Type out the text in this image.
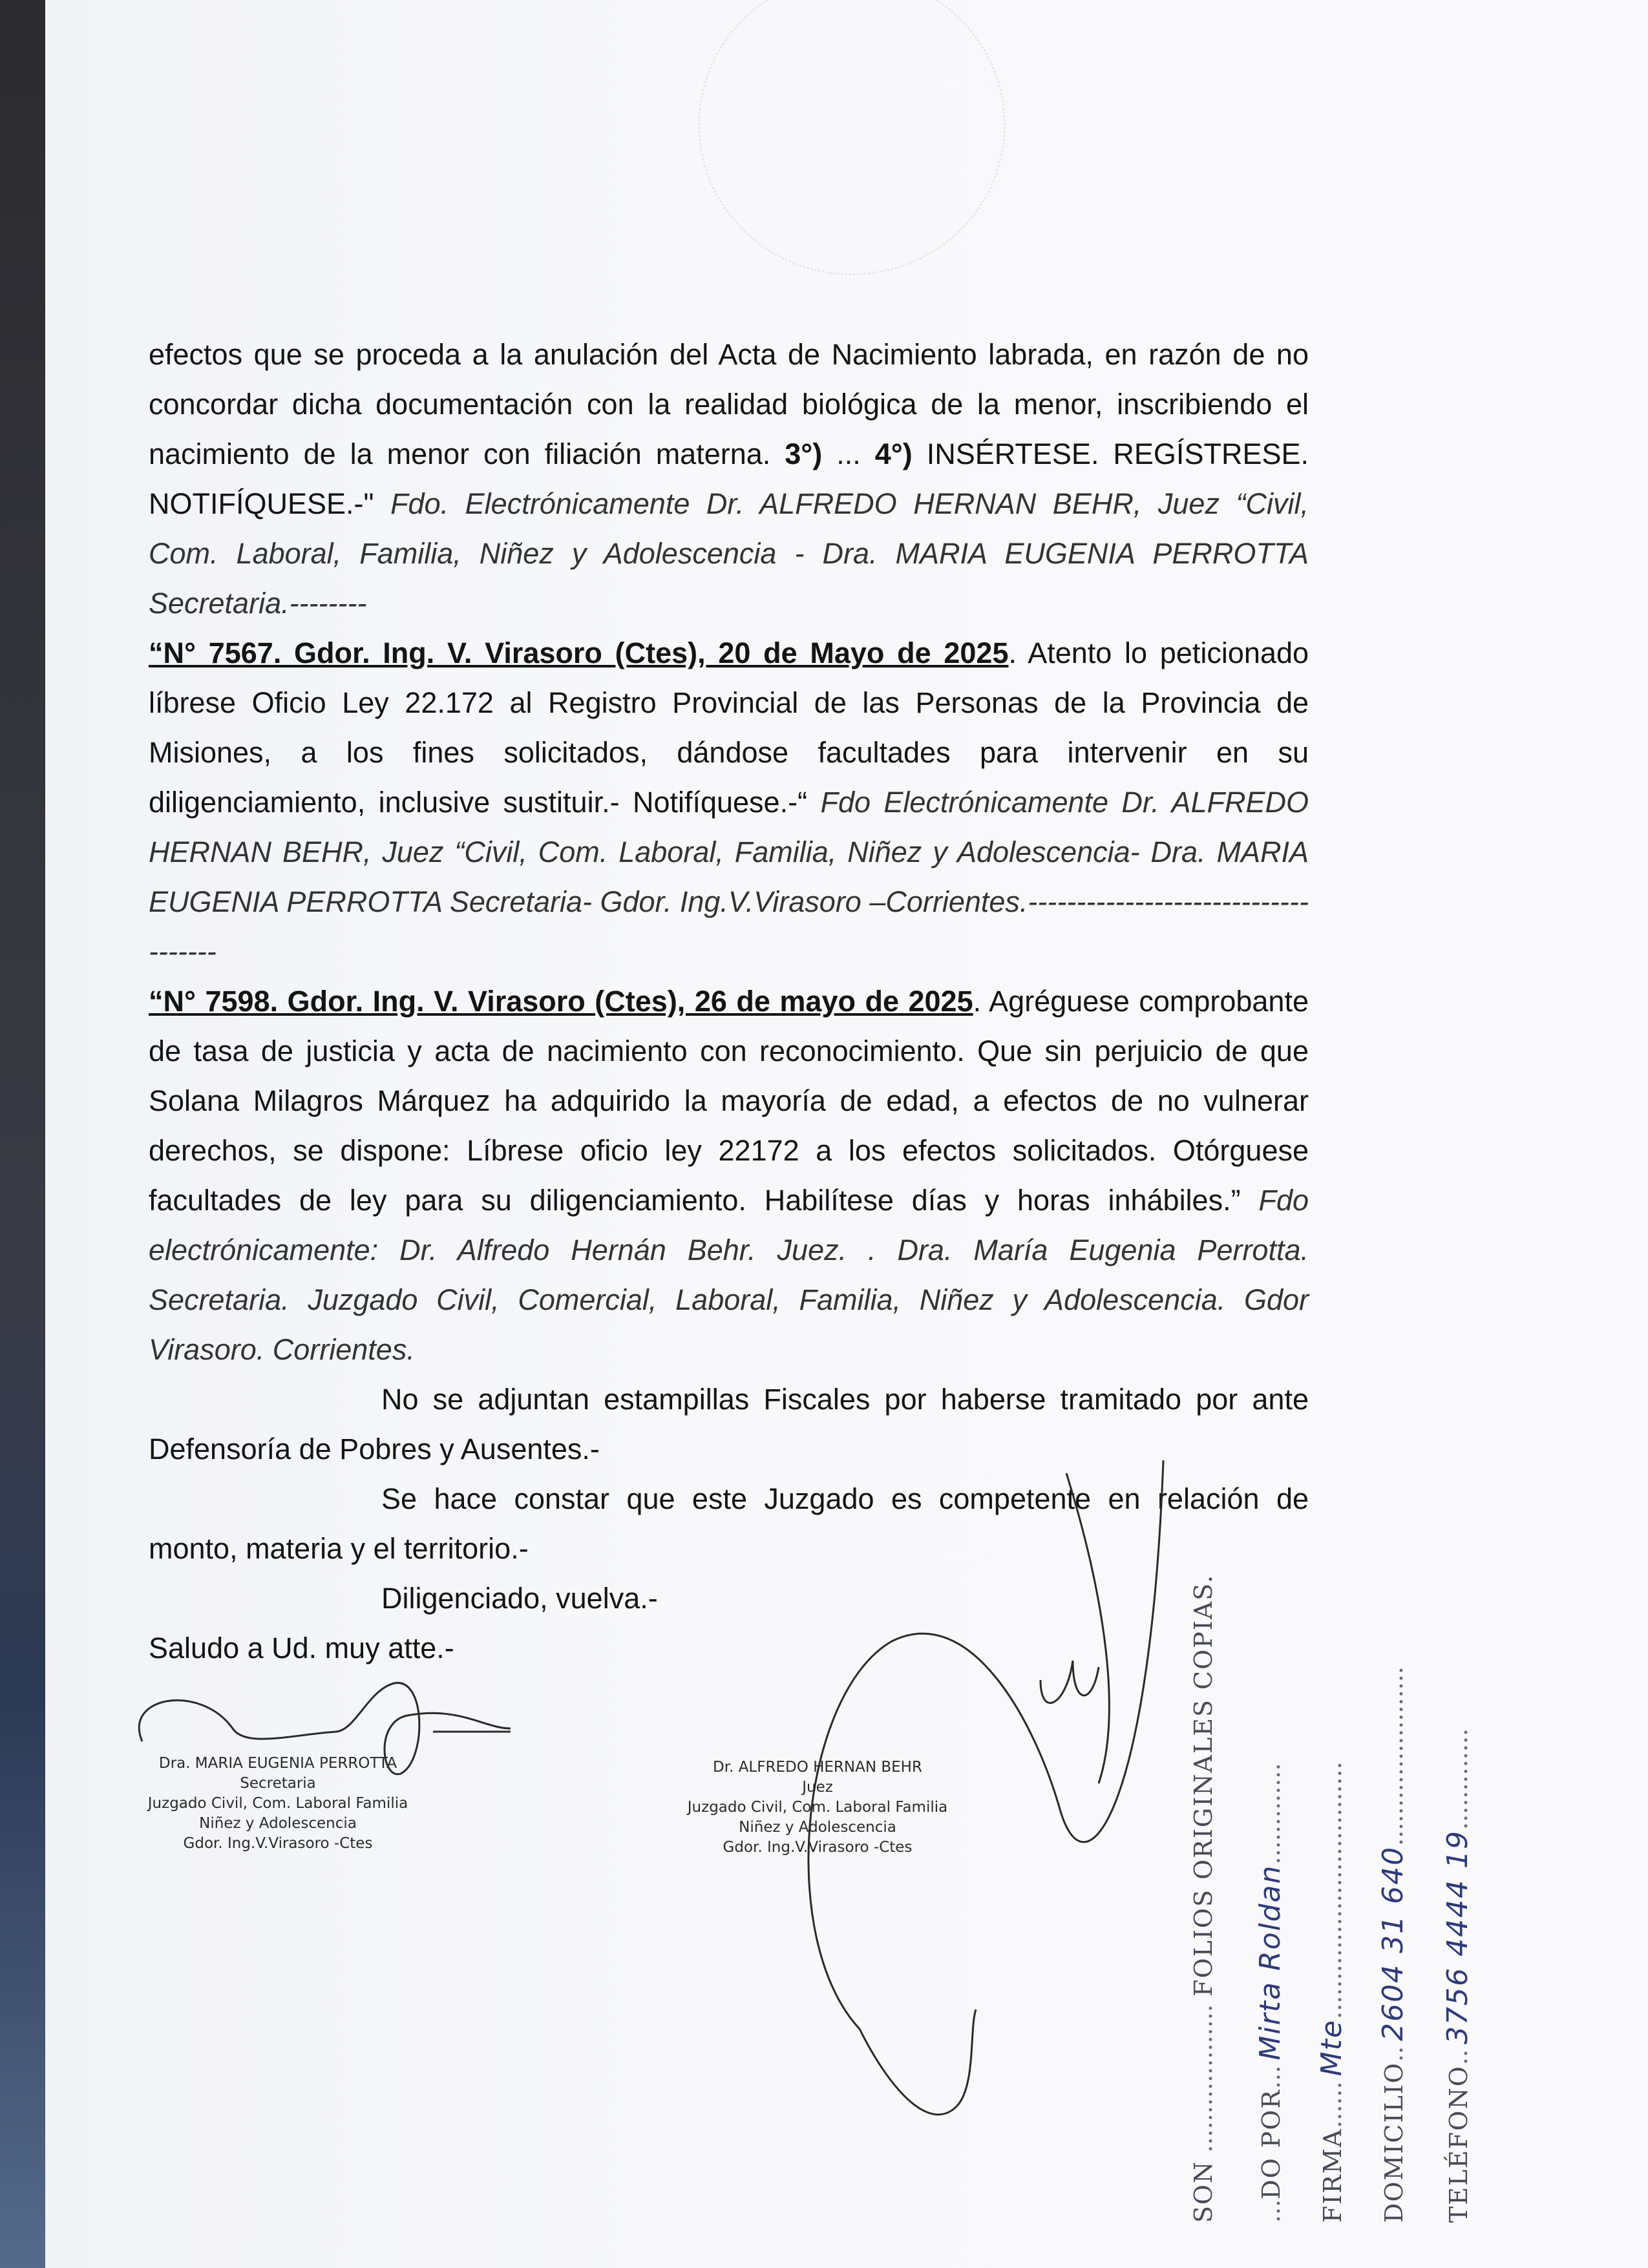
efectos que se proceda a la anulación del Acta de Nacimiento labrada, en razón de no concordar dicha documentación con la realidad biológica de la menor, inscribiendo el nacimiento de la menor con filiación materna. 3°) ... 4°) INSÉRTESE. REGÍSTRESE. NOTIFÍQUESE.-" Fdo. Electrónicamente Dr. ALFREDO HERNAN BEHR, Juez “Civil, Com. Laboral, Familia, Niñez y Adolescencia - Dra. MARIA EUGENIA PERROTTA Secretaria.--------

“N° 7567. Gdor. Ing. V. Virasoro (Ctes), 20 de Mayo de 2025. Atento lo peticionado líbrese Oficio Ley 22.172 al Registro Provincial de las Personas de la Provincia de Misiones, a los fines solicitados, dándose facultades para intervenir en su diligenciamiento, inclusive sustituir.- Notifíquese.-“ Fdo Electrónicamente Dr. ALFREDO HERNAN BEHR, Juez “Civil, Com. Laboral, Familia, Niñez y Adolescencia- Dra. MARIA EUGENIA PERROTTA Secretaria- Gdor. Ing.V.Virasoro –Corrientes.------------------------------------

“N° 7598. Gdor. Ing. V. Virasoro (Ctes), 26 de mayo de 2025. Agréguese comprobante de tasa de justicia y acta de nacimiento con reconocimiento. Que sin perjuicio de que Solana Milagros Márquez ha adquirido la mayoría de edad, a efectos de no vulnerar derechos, se dispone: Líbrese oficio ley 22172 a los efectos solicitados. Otórguese facultades de ley para su diligenciamiento. Habilítese días y horas inhábiles.” Fdo electrónicamente: Dr. Alfredo Hernán Behr. Juez. . Dra. María Eugenia Perrotta. Secretaria. Juzgado Civil, Comercial, Laboral, Familia, Niñez y Adolescencia. Gdor Virasoro. Corrientes.

No se adjuntan estampillas Fiscales por haberse tramitado por ante Defensoría de Pobres y Ausentes.-

Se hace constar que este Juzgado es competente en relación de monto, materia y el territorio.-

Diligenciado, vuelva.-

Saludo a Ud. muy atte.-

Dra. MARIA EUGENIA PERROTTA
Secretaria
Juzgado Civil, Com. Laboral Familia
Niñez y Adolescencia
Gdor. Ing.V.Virasoro -Ctes
Dr. ALFREDO HERNAN BEHR
Juez
Juzgado Civil, Com. Laboral Familia
Niñez y Adolescencia
Gdor. Ing.V.Virasoro -Ctes
SON ................... FOLIOS ORIGINALES COPIAS.
...DO POR...Mirta Roldan.............
FIRMA......Mte.................................
DOMICILIO..2604 31 640.......................
TELÉFONO..3756 4444 19.............
